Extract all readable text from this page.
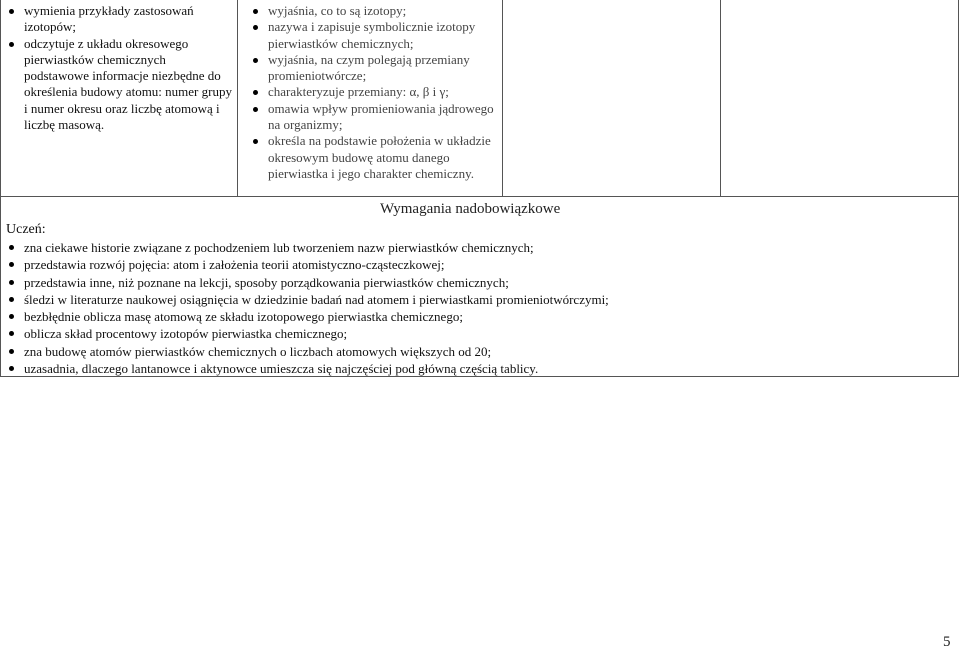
wymienia przykłady zastosowań izotopów;
odczytuje z układu okresowego pierwiastków chemicznych podstawowe informacje niezbędne do określenia budowy atomu: numer grupy i numer okresu oraz liczbę atomową i liczbę masową.
wyjaśnia, co to są izotopy;
nazywa i zapisuje symbolicznie izotopy pierwiastków chemicznych;
wyjaśnia, na czym polegają przemiany promieniotwórcze;
charakteryzuje przemiany: α, β i γ;
omawia wpływ promieniowania jądrowego na organizmy;
określa na podstawie położenia w układzie okresowym budowę atomu danego pierwiastka i jego charakter chemiczny.
Wymagania nadobowiązkowe
Uczeń:
zna ciekawe historie związane z pochodzeniem lub tworzeniem nazw pierwiastków chemicznych;
przedstawia rozwój pojęcia: atom i założenia teorii atomistyczno-cząsteczkowej;
przedstawia inne, niż poznane na lekcji, sposoby porządkowania pierwiastków chemicznych;
śledzi w literaturze naukowej osiągnięcia w dziedzinie badań nad atomem i pierwiastkami promieniotwórczymi;
bezbłędnie oblicza masę atomową ze składu izotopowego pierwiastka chemicznego;
oblicza skład procentowy izotopów pierwiastka chemicznego;
zna budowę atomów pierwiastków chemicznych o liczbach atomowych większych od 20;
uzasadnia, dlaczego lantanowce i aktynowce umieszcza się najczęściej pod główną częścią tablicy.
5
